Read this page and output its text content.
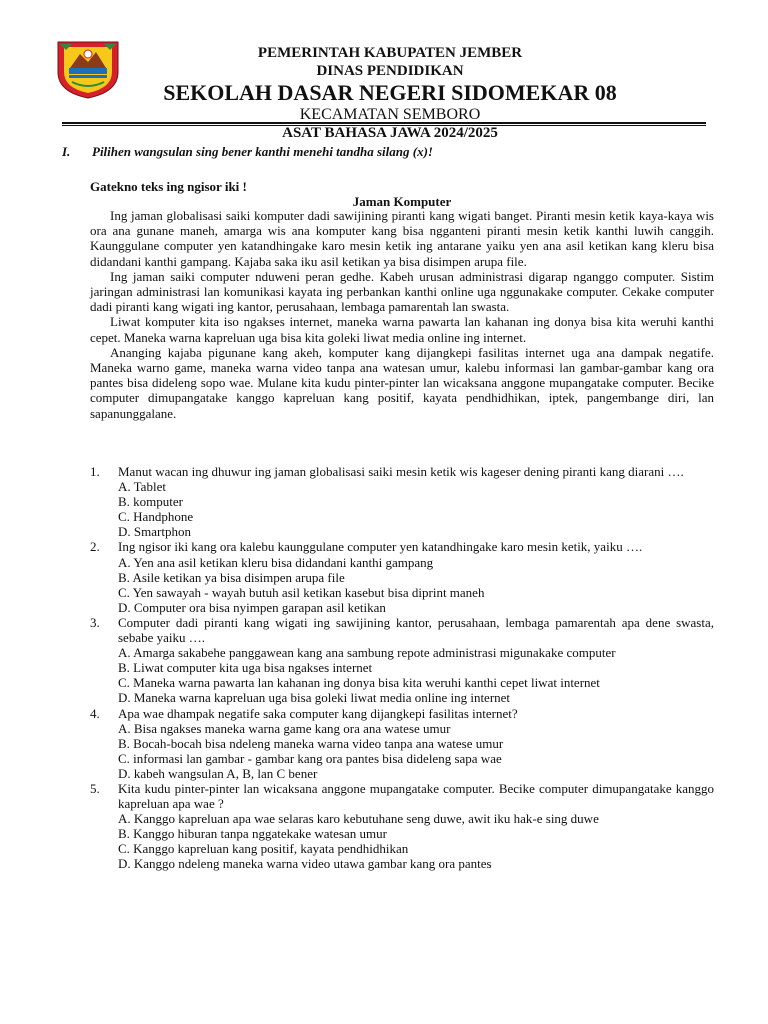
PEMERINTAH KABUPATEN JEMBER
DINAS PENDIDIKAN
SEKOLAH DASAR NEGERI SIDOMEKAR 08
KECAMATAN SEMBORO
ASAT BAHASA JAWA 2024/2025
I. Pilihen wangsulan sing bener kanthi menehi tandha silang (x)!
Gatekno teks ing ngisor iki !
Jaman Komputer

Ing jaman globalisasi saiki komputer dadi sawijining piranti kang wigati banget. Piranti mesin ketik kaya-kaya wis ora ana gunane maneh, amarga wis ana komputer kang bisa ngganteni piranti mesin ketik kanthi luwih canggih. Kaunggulane computer yen katandhingake karo mesin ketik ing antarane yaiku yen ana asil ketikan kang kleru bisa didandani kanthi gampang. Kajaba saka iku asil ketikan ya bisa disimpen arupa file.

Ing jaman saiki computer nduweni peran gedhe. Kabeh urusan administrasi digarap nganggo computer. Sistim jaringan administrasi lan komunikasi kayata ing perbankan kanthi online uga nggunakake computer. Cekake computer dadi piranti kang wigati ing kantor, perusahaan, lembaga pamarentah lan swasta.

Liwat komputer kita iso ngakses internet, maneka warna pawarta lan kahanan ing donya bisa kita weruhi kanthi cepet. Maneka warna kapreluan uga bisa kita goleki liwat media online ing internet.

Ananging kajaba pigunane kang akeh, komputer kang dijangkepi fasilitas internet uga ana dampak negatife. Maneka warno game, maneka warna video tanpa ana watesan umur, kalebu informasi lan gambar-gambar kang ora pantes bisa dideleng sopo wae. Mulane kita kudu pinter-pinter lan wicaksana anggone mupangatake computer. Becike computer dimupangatake kanggo kapreluan kang positif, kayata pendhidhikan, iptek, pangembange diri, lan sapanunggalane.

1. Manut wacan ing dhuwur ing jaman globalisasi saiki mesin ketik wis kageser dening piranti kang diarani ….
A. Tablet
B. komputer
C. Handphone
D. Smartphon
2. Ing ngisor iki kang ora kalebu kaunggulane computer yen katandhingake karo mesin ketik, yaiku ….
A. Yen ana asil ketikan kleru bisa didandani kanthi gampang
B. Asile ketikan ya bisa disimpen arupa file
C. Yen sawayah - wayah butuh asil ketikan kasebut bisa diprint maneh
D. Computer ora bisa nyimpen garapan asil ketikan
3. Computer dadi piranti kang wigati ing sawijining kantor, perusahaan, lembaga pamarentah apa dene swasta, sebabe yaiku ….
A. Amarga sakabehe panggawean kang ana sambung repote administrasi migunakake computer
B. Liwat computer kita uga bisa ngakses internet
C. Maneka warna pawarta lan kahanan ing donya bisa kita weruhi kanthi cepet liwat internet
D. Maneka warna kapreluan uga bisa goleki liwat media online ing internet
4. Apa wae dhampak negatife saka computer kang dijangkepi fasilitas internet?
A. Bisa ngakses maneka warna game kang ora ana watese umur
B. Bocah-bocah bisa ndeleng maneka warna video tanpa ana watese umur
C. informasi lan gambar - gambar kang ora pantes bisa dideleng sapa wae
D. kabeh wangsulan A, B, lan C bener
5. Kita kudu pinter-pinter lan wicaksana anggone mupangatake computer. Becike computer dimupangatake kanggo kapreluan apa wae ?
A. Kanggo kapreluan apa wae selaras karo kebutuhane seng duwe, awit iku hak-e sing duwe
B. Kanggo hiburan tanpa nggatekake watesan umur
C. Kanggo kapreluan kang positif, kayata pendhidhikan
D. Kanggo ndeleng maneka warna video utawa gambar kang ora pantes
